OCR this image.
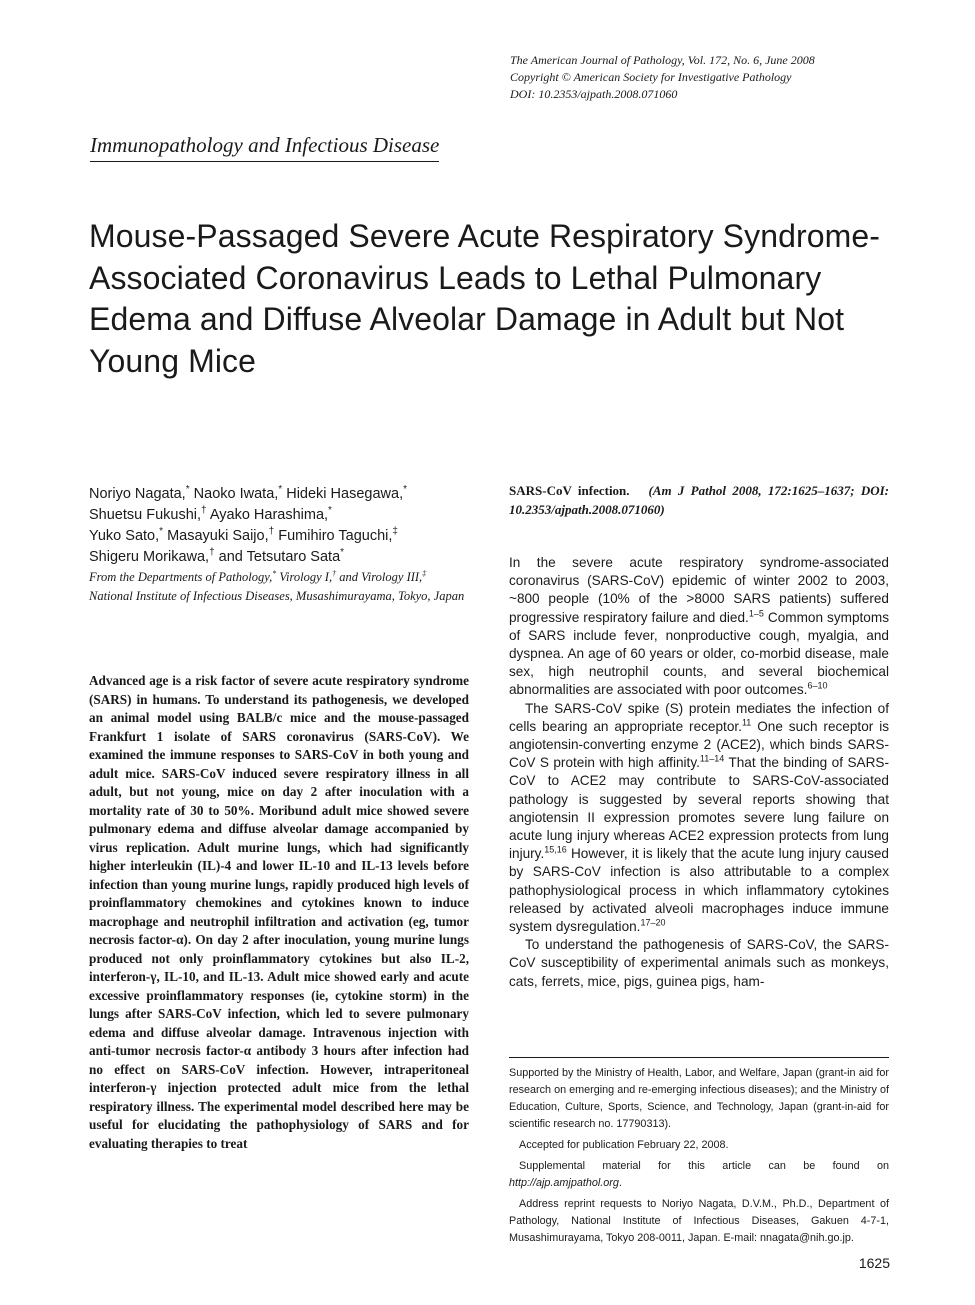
The American Journal of Pathology, Vol. 172, No. 6, June 2008
Copyright © American Society for Investigative Pathology
DOI: 10.2353/ajpath.2008.071060
Immunopathology and Infectious Disease
Mouse-Passaged Severe Acute Respiratory Syndrome-Associated Coronavirus Leads to Lethal Pulmonary Edema and Diffuse Alveolar Damage in Adult but Not Young Mice
Noriyo Nagata,* Naoko Iwata,* Hideki Hasegawa,*
Shuetsu Fukushi,† Ayako Harashima,*
Yuko Sato,* Masayuki Saijo,† Fumihiro Taguchi,‡
Shigeru Morikawa,† and Tetsutaro Sata*
From the Departments of Pathology,* Virology I,† and Virology III,‡
National Institute of Infectious Diseases, Musashimurayama, Tokyo, Japan
Advanced age is a risk factor of severe acute respiratory syndrome (SARS) in humans. To understand its pathogenesis, we developed an animal model using BALB/c mice and the mouse-passaged Frankfurt 1 isolate of SARS coronavirus (SARS-CoV). We examined the immune responses to SARS-CoV in both young and adult mice. SARS-CoV induced severe respiratory illness in all adult, but not young, mice on day 2 after inoculation with a mortality rate of 30 to 50%. Moribund adult mice showed severe pulmonary edema and diffuse alveolar damage accompanied by virus replication. Adult murine lungs, which had significantly higher interleukin (IL)-4 and lower IL-10 and IL-13 levels before infection than young murine lungs, rapidly produced high levels of proinflammatory chemokines and cytokines known to induce macrophage and neutrophil infiltration and activation (eg, tumor necrosis factor-α). On day 2 after inoculation, young murine lungs produced not only proinflammatory cytokines but also IL-2, interferon-γ, IL-10, and IL-13. Adult mice showed early and acute excessive proinflammatory responses (ie, cytokine storm) in the lungs after SARS-CoV infection, which led to severe pulmonary edema and diffuse alveolar damage. Intravenous injection with anti-tumor necrosis factor-α antibody 3 hours after infection had no effect on SARS-CoV infection. However, intraperitoneal interferon-γ injection protected adult mice from the lethal respiratory illness. The experimental model described here may be useful for elucidating the pathophysiology of SARS and for evaluating therapies to treat
SARS-CoV infection. (Am J Pathol 2008, 172:1625–1637; DOI: 10.2353/ajpath.2008.071060)

In the severe acute respiratory syndrome-associated coronavirus (SARS-CoV) epidemic of winter 2002 to 2003, ~800 people (10% of the >8000 SARS patients) suffered progressive respiratory failure and died.$^{1-5}$ Common symptoms of SARS include fever, nonproductive cough, myalgia, and dyspnea. An age of 60 years or older, co-morbid disease, male sex, high neutrophil counts, and several biochemical abnormalities are associated with poor outcomes.$^{6-10}$

The SARS-CoV spike (S) protein mediates the infection of cells bearing an appropriate receptor.$^{11}$ One such receptor is angiotensin-converting enzyme 2 (ACE2), which binds SARS-CoV S protein with high affinity.$^{11-14}$ That the binding of SARS-CoV to ACE2 may contribute to SARS-CoV-associated pathology is suggested by several reports showing that angiotensin II expression promotes severe lung failure on acute lung injury whereas ACE2 expression protects from lung injury.$^{15,16}$ However, it is likely that the acute lung injury caused by SARS-CoV infection is also attributable to a complex pathophysiological process in which inflammatory cytokines released by activated alveoli macrophages induce immune system dysregulation.$^{17-20}$

To understand the pathogenesis of SARS-CoV, the SARS-CoV susceptibility of experimental animals such as monkeys, cats, ferrets, mice, pigs, guinea pigs, ham-

Supported by the Ministry of Health, Labor, and Welfare, Japan (grant-in aid for research on emerging and re-emerging infectious diseases); and the Ministry of Education, Culture, Sports, Science, and Technology, Japan (grant-in-aid for scientific research no. 17790313).

Accepted for publication February 22, 2008.

Supplemental material for this article can be found on http://ajp.amjpathol.org.

Address reprint requests to Noriyo Nagata, D.V.M., Ph.D., Department of Pathology, National Institute of Infectious Diseases, Gakuen 4-7-1, Musashimurayama, Tokyo 208-0011, Japan. E-mail: nnagata@nih.go.jp.

1625
